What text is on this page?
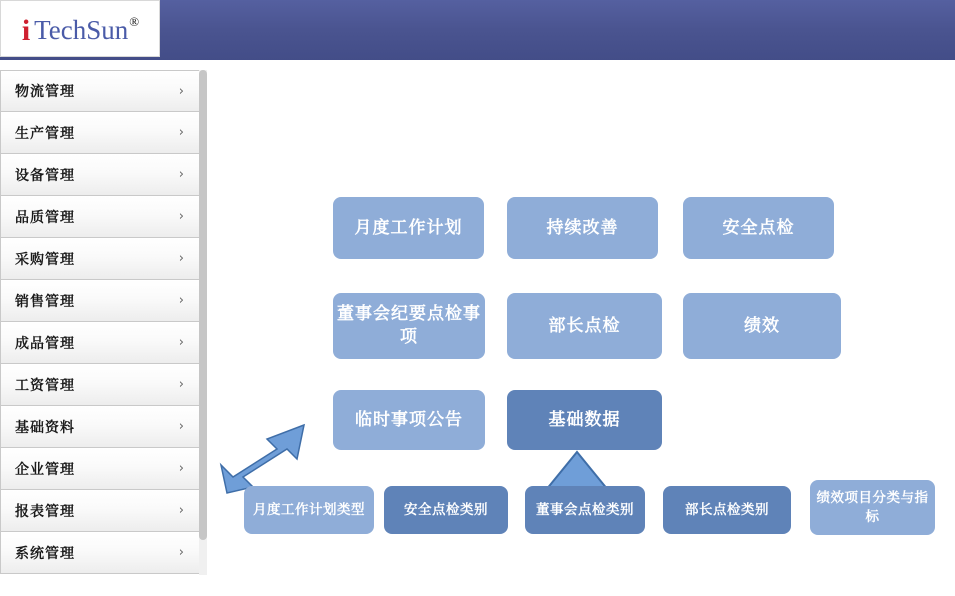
i TechSun ®
物流管理	›
生产管理	›
设备管理	›
品质管理	›
采购管理	›
销售管理	›
成品管理	›
工资管理	›
基础资料	›
企业管理	›
报表管理	›
系统管理	›
月度工作计划	持续改善	安全点检
董事会纪要点检事项
部长点检	绩效
临时事项公告	基础数据
月度工作计划类型	安全点检类别	董事会点检类别	部长点检类别
绩效项目分类与指标
